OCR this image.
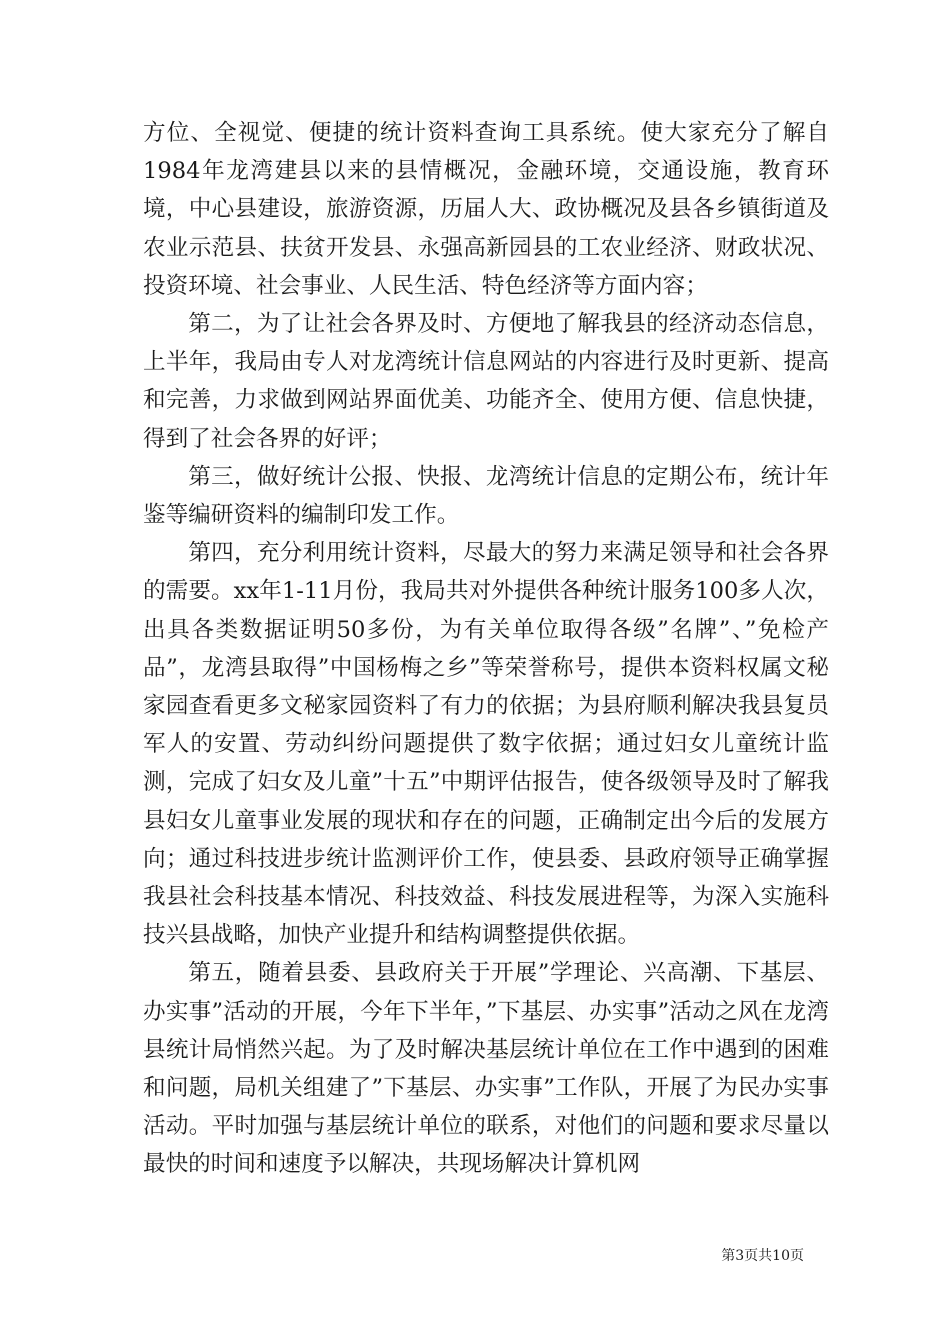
方位、全视觉、便捷的统计资料查询工具系统。使大家充分了解自1984年龙湾建县以来的县情概况，金融环境，交通设施，教育环境，中心县建设，旅游资源，历届人大、政协概况及县各乡镇街道及农业示范县、扶贫开发县、永强高新园县的工农业经济、财政状况、投资环境、社会事业、人民生活、特色经济等方面内容；

第二，为了让社会各界及时、方便地了解我县的经济动态信息，上半年，我局由专人对龙湾统计信息网站的内容进行及时更新、提高和完善，力求做到网站界面优美、功能齐全、使用方便、信息快捷，得到了社会各界的好评；

第三，做好统计公报、快报、龙湾统计信息的定期公布，统计年鉴等编研资料的编制印发工作。

第四，充分利用统计资料，尽最大的努力来满足领导和社会各界的需要。xx年1-11月份，我局共对外提供各种统计服务100多人次，出具各类数据证明50多份，为有关单位取得各级”名牌”、”免检产品”，龙湾县取得”中国杨梅之乡”等荣誉称号，提供本资料权属文秘家园查看更多文秘家园资料了有力的依据；为县府顺利解决我县复员军人的安置、劳动纠纷问题提供了数字依据；通过妇女儿童统计监测，完成了妇女及儿童”十五”中期评估报告，使各级领导及时了解我县妇女儿童事业发展的现状和存在的问题，正确制定出今后的发展方向；通过科技进步统计监测评价工作，使县委、县政府领导正确掌握我县社会科技基本情况、科技效益、科技发展进程等，为深入实施科技兴县战略，加快产业提升和结构调整提供依据。

第五，随着县委、县政府关于开展”学理论、兴高潮、下基层、办实事”活动的开展，今年下半年，”下基层、办实事”活动之风在龙湾县统计局悄然兴起。为了及时解决基层统计单位在工作中遇到的困难和问题，局机关组建了”下基层、办实事”工作队，开展了为民办实事活动。平时加强与基层统计单位的联系，对他们的问题和要求尽量以最快的时间和速度予以解决，共现场解决计算机网

第3页共10页
